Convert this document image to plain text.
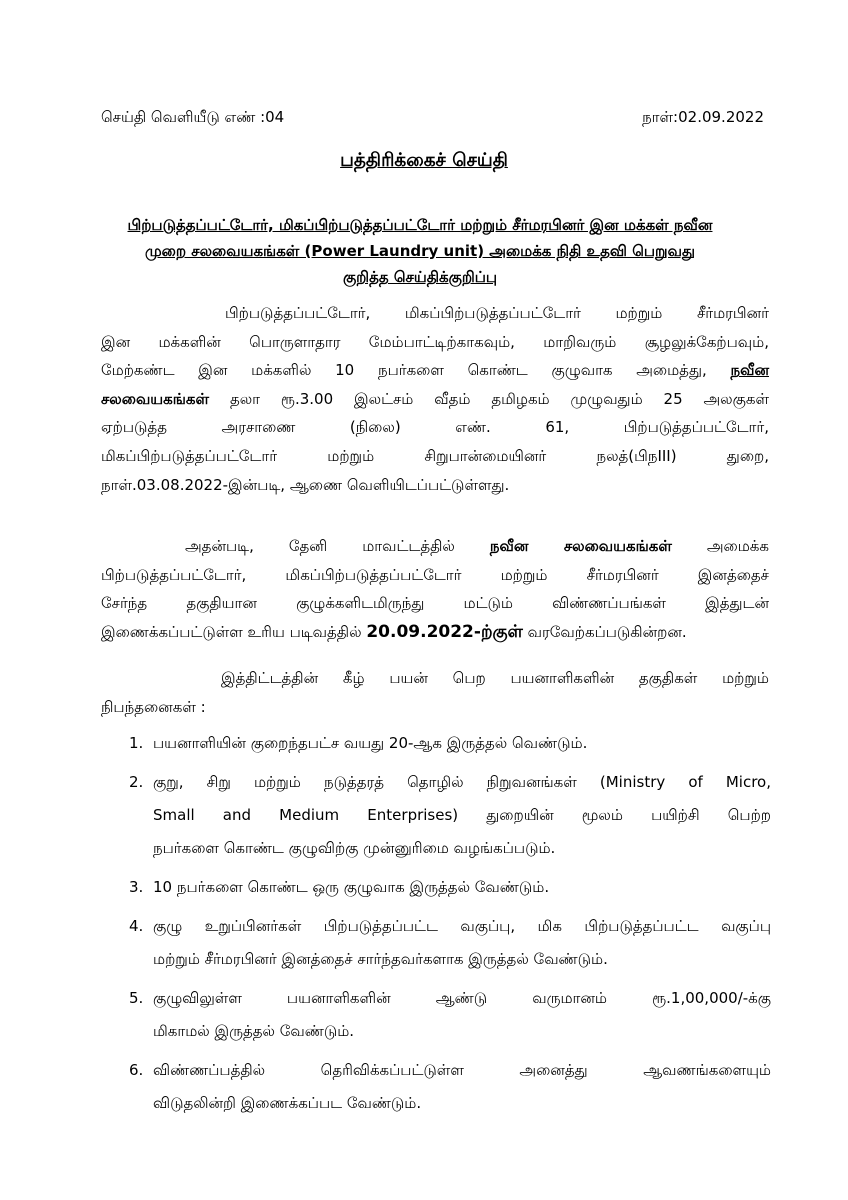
செய்தி வெளியீடு எண் :04	நாள்:02.09.2022
பத்திரிக்கைச் செய்தி
பிற்படுத்தப்பட்டோர், மிகப்பிற்படுத்தப்பட்டோர் மற்றும் சீர்மரபினர் இன மக்கள் நவீன
முறை சலவையகங்கள் (Power Laundry unit) அமைக்க நிதி உதவி பெறுவது
குறித்த செய்திக்குறிப்பு

பிற்படுத்தப்பட்டோர், மிகப்பிற்படுத்தப்பட்டோர் மற்றும் சீர்மரபினர்
இன மக்களின் பொருளாதார மேம்பாட்டிற்காகவும், மாறிவரும் சூழலுக்கேற்பவும்,
மேற்கண்ட இன மக்களில் 10 நபர்களை கொண்ட குழுவாக அமைத்து, நவீன
சலவையகங்கள் தலா ரூ.3.00 இலட்சம் வீதம் தமிழகம் முழுவதும் 25 அலகுகள்
ஏற்படுத்த அரசாணை (நிலை) எண். 61, பிற்படுத்தப்பட்டோர்,
மிகப்பிற்படுத்தப்பட்டோர் மற்றும் சிறுபான்மையினர் நலத்(பிநIII) துறை,
நாள்.03.08.2022-இன்படி, ஆணை வெளியிடப்பட்டுள்ளது.

அதன்படி, தேனி மாவட்டத்தில் நவீன சலவையகங்கள் அமைக்க
பிற்படுத்தப்பட்டோர், மிகப்பிற்படுத்தப்பட்டோர் மற்றும் சீர்மரபினர் இனத்தைச்
சேர்ந்த தகுதியான குழுக்களிடமிருந்து மட்டும் விண்ணப்பங்கள் இத்துடன்
இணைக்கப்பட்டுள்ள உரிய படிவத்தில் 20.09.2022-ற்குள் வரவேற்கப்படுகின்றன.

இத்திட்டத்தின் கீழ் பயன் பெற பயனாளிகளின் தகுதிகள் மற்றும்
நிபந்தனைகள் :

1. பயனாளியின் குறைந்தபட்ச வயது 20-ஆக இருத்தல் வெண்டும்.
2. குறு, சிறு மற்றும் நடுத்தரத் தொழில் நிறுவனங்கள் (Ministry of Micro,
Small and Medium Enterprises) துறையின் மூலம் பயிற்சி பெற்ற
நபர்களை கொண்ட குழுவிற்கு முன்னுரிமை வழங்கப்படும்.
3. 10 நபர்களை கொண்ட ஒரு குழுவாக இருத்தல் வேண்டும்.
4. குழு உறுப்பினர்கள் பிற்படுத்தப்பட்ட வகுப்பு, மிக பிற்படுத்தப்பட்ட வகுப்பு
மற்றும் சீர்மரபினர் இனத்தைச் சார்ந்தவர்களாக இருத்தல் வேண்டும்.
5. குழுவிலுள்ள பயனாளிகளின் ஆண்டு வருமானம் ரூ.1,00,000/-க்கு
மிகாமல் இருத்தல் வேண்டும்.
6. விண்ணப்பத்தில் தெரிவிக்கப்பட்டுள்ள அனைத்து ஆவணங்களையும்
விடுதலின்றி இணைக்கப்பட வேண்டும்.
